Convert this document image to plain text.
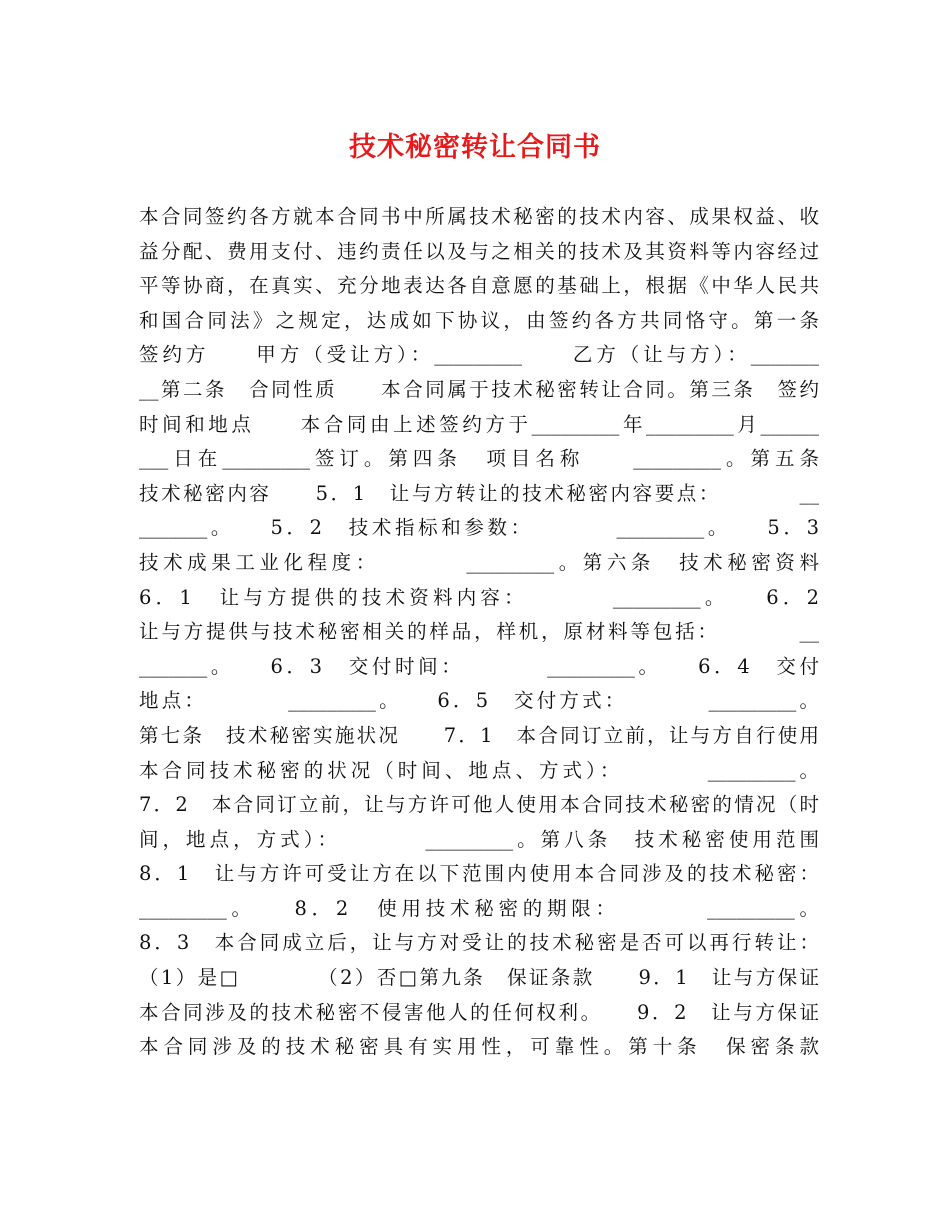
技术秘密转让合同书
本合同签约各方就本合同书中所属技术秘密的技术内容、成果权益、收
益分配、费用支付、违约责任以及与之相关的技术及其资料等内容经过
平等协商，在真实、充分地表达各自意愿的基础上，根据《中华人民共
和国合同法》之规定，达成如下协议，由签约各方共同恪守。第一条
签约方　　甲方（受让方）：_________　　乙方（让与方）：_______
__第二条　合同性质　　本合同属于技术秘密转让合同。第三条　签约
时间和地点　　本合同由上述签约方于_________年_________月______
___日在_________签订。第四条　项目名称　　_________。第五条
技术秘密内容　　5．1　让与方转让的技术秘密内容要点：　　　　__
_______。　　5．2　技术指标和参数：　　　　_________。　　5．3
技术成果工业化程度：　　　　_________。第六条　技术秘密资料
6．1　让与方提供的技术资料内容：　　　　_________。　　6．2
让与方提供与技术秘密相关的样品，样机，原材料等包括：　　　　__
_______。　　6．3　交付时间：　　　　_________。　　6．4　交付
地点：　　　　_________。　　6．5　交付方式：　　　　_________。
第七条　技术秘密实施状况　　7．1　本合同订立前，让与方自行使用
本合同技术秘密的状况（时间、地点、方式）：　　　　_________。
7．2　本合同订立前，让与方许可他人使用本合同技术秘密的情况（时
间，地点，方式）：　　　　_________。第八条　技术秘密使用范围
8．1　让与方许可受让方在以下范围内使用本合同涉及的技术秘密：
_________。　　8．2　使用技术秘密的期限：　　　　_________。
8．3　本合同成立后，让与方对受让的技术秘密是否可以再行转让：
（1）是□　　　　（2）否□第九条　保证条款　　9．1　让与方保证
本合同涉及的技术秘密不侵害他人的任何权利。　　9．2　让与方保证
本合同涉及的技术秘密具有实用性，可靠性。第十条　保密条款
